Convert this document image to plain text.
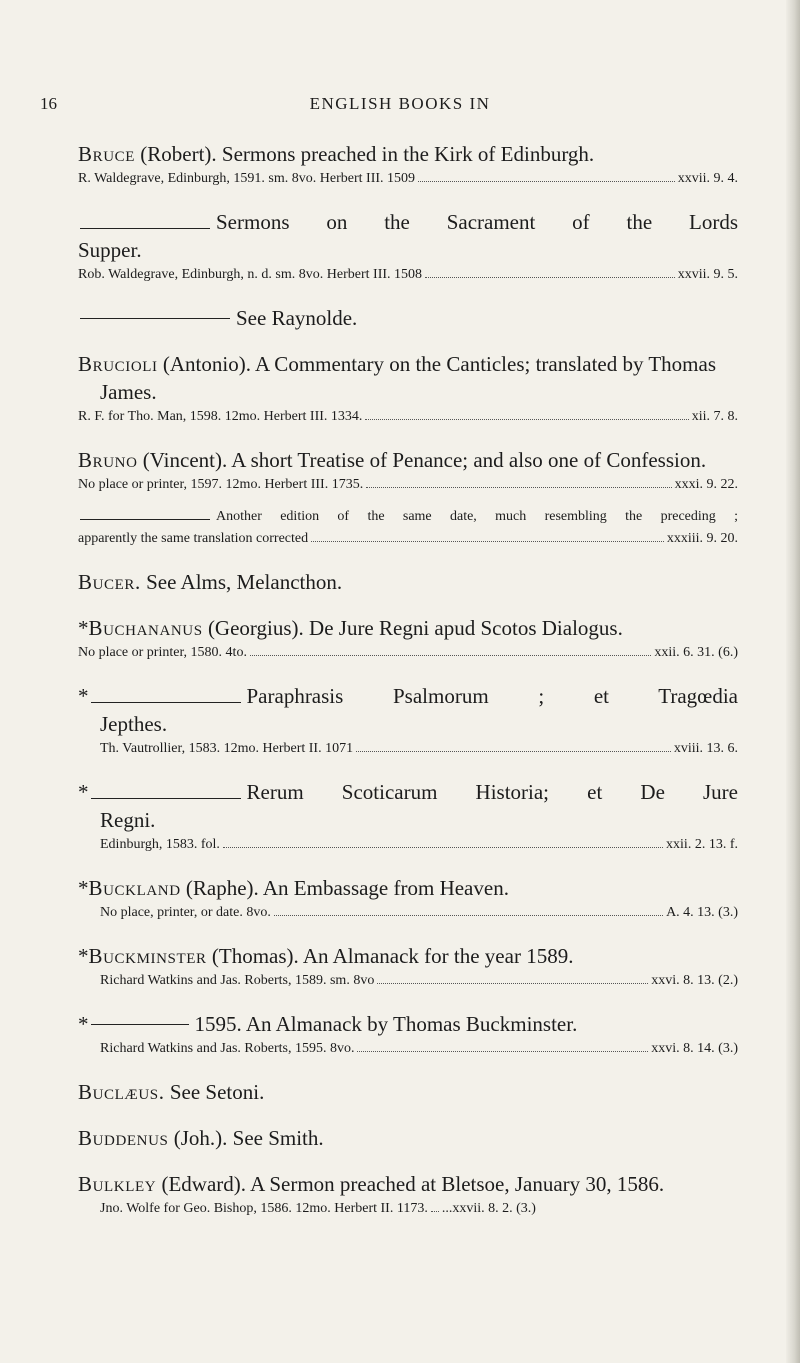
16	ENGLISH BOOKS IN
Bruce (Robert). Sermons preached in the Kirk of Edinburgh.
R. Waldegrave, Edinburgh, 1591. sm. 8vo. Herbert III. 1509	xxvii. 9. 4.
Sermons on the Sacrament of the Lords
Supper.
Rob. Waldegrave, Edinburgh, n. d. sm. 8vo. Herbert III. 1508	xxvii. 9. 5.
See Raynolde.
Brucioli (Antonio). A Commentary on the Canticles; translated by Thomas James.
R. F. for Tho. Man, 1598. 12mo. Herbert III. 1334.	xii. 7. 8.
Bruno (Vincent). A short Treatise of Penance; and also one of Confession.
No place or printer, 1597. 12mo. Herbert III. 1735.	xxxi. 9. 22.
Another edition of the same date, much resembling the preceding ;
apparently the same translation corrected	xxxiii. 9. 20.
Bucer. See Alms, Melancthon.
*Buchananus (Georgius). De Jure Regni apud Scotos Dialogus.
No place or printer, 1580. 4to.	xxii. 6. 31. (6.)
*	Paraphrasis Psalmorum ; et Tragœdia
Jepthes.
Th. Vautrollier, 1583. 12mo. Herbert II. 1071	xviii. 13. 6.
*	Rerum Scoticarum Historia; et De Jure
Regni.
Edinburgh, 1583. fol.	xxii. 2. 13. f.
*Buckland (Raphe). An Embassage from Heaven.
No place, printer, or date. 8vo.	A. 4. 13. (3.)
*Buckminster (Thomas). An Almanack for the year 1589.
Richard Watkins and Jas. Roberts, 1589. sm. 8vo	xxvi. 8. 13. (2.)
*	1595. An Almanack by Thomas Buckminster.
Richard Watkins and Jas. Roberts, 1595. 8vo.	xxvi. 8. 14. (3.)
Buclæus. See Setoni.
Buddenus (Joh.). See Smith.
Bulkley (Edward). A Sermon preached at Bletsoe, January 30, 1586.
Jno. Wolfe for Geo. Bishop, 1586. 12mo. Herbert II. 1173. ...xxvii. 8. 2. (3.)
